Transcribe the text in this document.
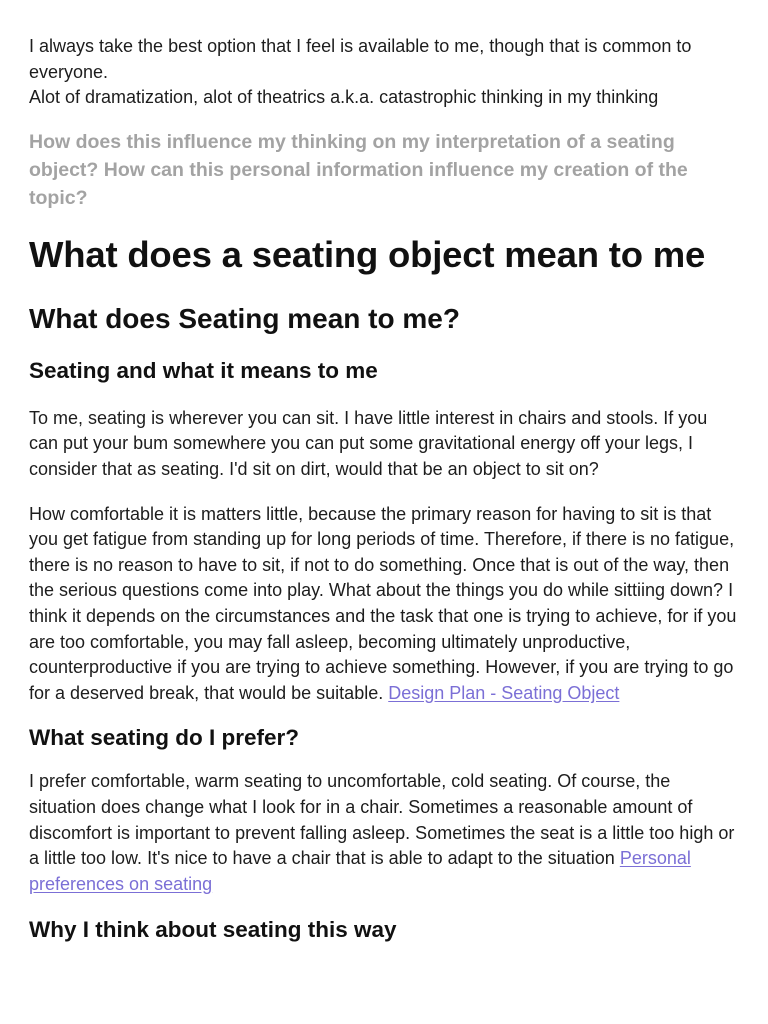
I always take the best option that I feel is available to me, though that is common to everyone.

Alot of dramatization, alot of theatrics a.k.a. catastrophic thinking in my thinking

How does this influence my thinking on my interpretation of a seating object? How can this personal information influence my creation of the topic?

What does a seating object mean to me
What does Seating mean to me?
Seating and what it means to me

To me, seating is wherever you can sit. I have little interest in chairs and stools. If you can put your bum somewhere you can put some gravitational energy off your legs, I consider that as seating. I'd sit on dirt, would that be an object to sit on?

How comfortable it is matters little, because the primary reason for having to sit is that you get fatigue from standing up for long periods of time. Therefore, if there is no fatigue, there is no reason to have to sit, if not to do something. Once that is out of the way, then the serious questions come into play. What about the things you do while sittiing down? I think it depends on the circumstances and the task that one is trying to achieve, for if you are too comfortable, you may fall asleep, becoming ultimately unproductive, counterproductive if you are trying to achieve something. However, if you are trying to go for a deserved break, that would be suitable. Design Plan - Seating Object

What seating do I prefer?

I prefer comfortable, warm seating to uncomfortable, cold seating. Of course, the situation does change what I look for in a chair. Sometimes a reasonable amount of discomfort is important to prevent falling asleep. Sometimes the seat is a little too high or a little too low. It's nice to have a chair that is able to adapt to the situation Personal preferences on seating

Why I think about seating this way
